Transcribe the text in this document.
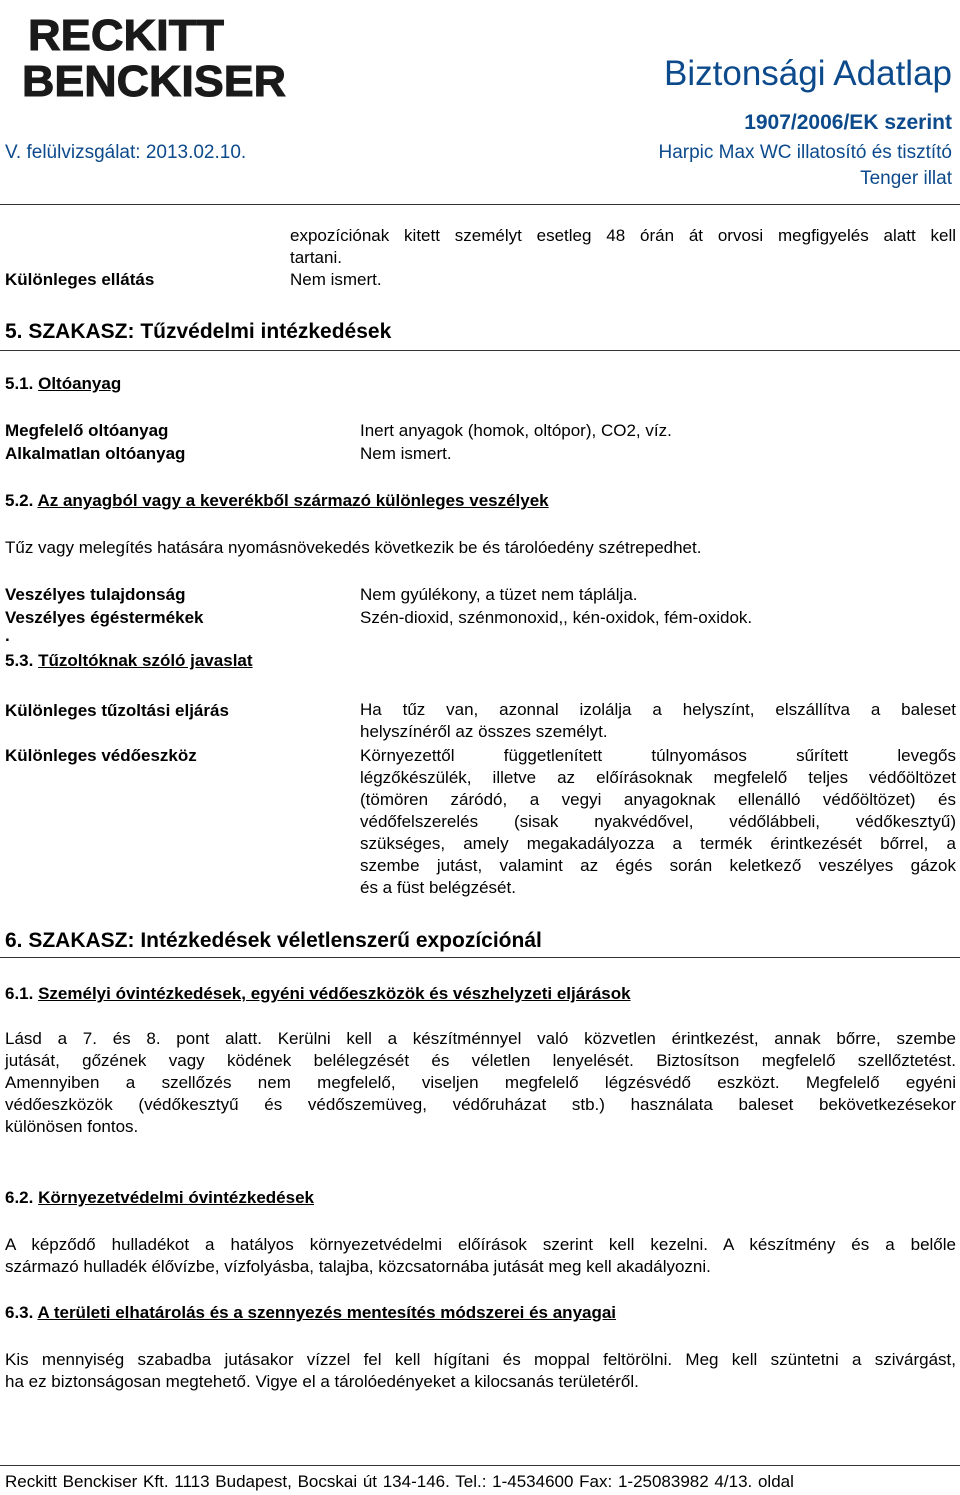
RECKITT
BENCKISER	Biztonsági Adatlap
1907/2006/EK szerint
V. felülvizsgálat: 2013.02.10.	Harpic Max WC illatosító és tisztító
Tenger illat
expozíciónak kitett személyt esetleg 48 órán át orvosi megfigyelés alatt kell
tartani.
Különleges ellátás	Nem ismert.
5. SZAKASZ: Tűzvédelmi intézkedések
5.1. Oltóanyag
Megfelelő oltóanyag	Inert anyagok (homok, oltópor), CO2, víz.
Alkalmatlan oltóanyag	Nem ismert.
5.2. Az anyagból vagy a keverékből származó különleges veszélyek
Tűz vagy melegítés hatására nyomásnövekedés következik be és tárolóedény szétrepedhet.
Veszélyes tulajdonság	Nem gyúlékony, a tüzet nem táplálja.
Veszélyes égéstermékek	Szén-dioxid, szénmonoxid,, kén-oxidok, fém-oxidok.
.
5.3. Tűzoltóknak szóló javaslat
Különleges tűzoltási eljárás	Ha tűz van, azonnal izolálja a helyszínt, elszállítva a baleset
helyszínéről az összes személyt.
Különleges védőeszköz	Környezettől függetlenített túlnyomásos sűrített levegős
légzőkészülék, illetve az előírásoknak megfelelő teljes védőöltözet
(tömören záródó, a vegyi anyagoknak ellenálló védőöltözet) és
védőfelszerelés (sisak nyakvédővel, védőlábbeli, védőkesztyű)
szükséges, amely megakadályozza a termék érintkezését bőrrel, a
szembe jutást, valamint az égés során keletkező veszélyes gázok
és a füst belégzését.
6. SZAKASZ: Intézkedések véletlenszerű expozíciónál
6.1. Személyi óvintézkedések, egyéni védőeszközök és vészhelyzeti eljárások
Lásd a 7. és 8. pont alatt. Kerülni kell a készítménnyel való közvetlen érintkezést, annak bőrre, szembe
jutását, gőzének vagy ködének belélegzését és véletlen lenyelését. Biztosítson megfelelő szellőztetést.
Amennyiben a szellőzés nem megfelelő, viseljen megfelelő légzésvédő eszközt. Megfelelő egyéni
védőeszközök (védőkesztyű és védőszemüveg, védőruházat stb.) használata baleset bekövetkezésekor
különösen fontos.
6.2. Környezetvédelmi óvintézkedések
A képződő hulladékot a hatályos környezetvédelmi előírások szerint kell kezelni. A készítmény és a belőle
származó hulladék élővízbe, vízfolyásba, talajba, közcsatornába jutását meg kell akadályozni.
6.3. A területi elhatárolás és a szennyezés mentesítés módszerei és anyagai
Kis mennyiség szabadba jutásakor vízzel fel kell hígítani és moppal feltörölni. Meg kell szüntetni a szivárgást,
ha ez biztonságosan megtehető. Vigye el a tárolóedényeket a kilocsanás területéről.
Reckitt Benckiser Kft. 1113 Budapest, Bocskai út 134-146. Tel.: 1-4534600 Fax: 1-25083982 4/13. oldal
